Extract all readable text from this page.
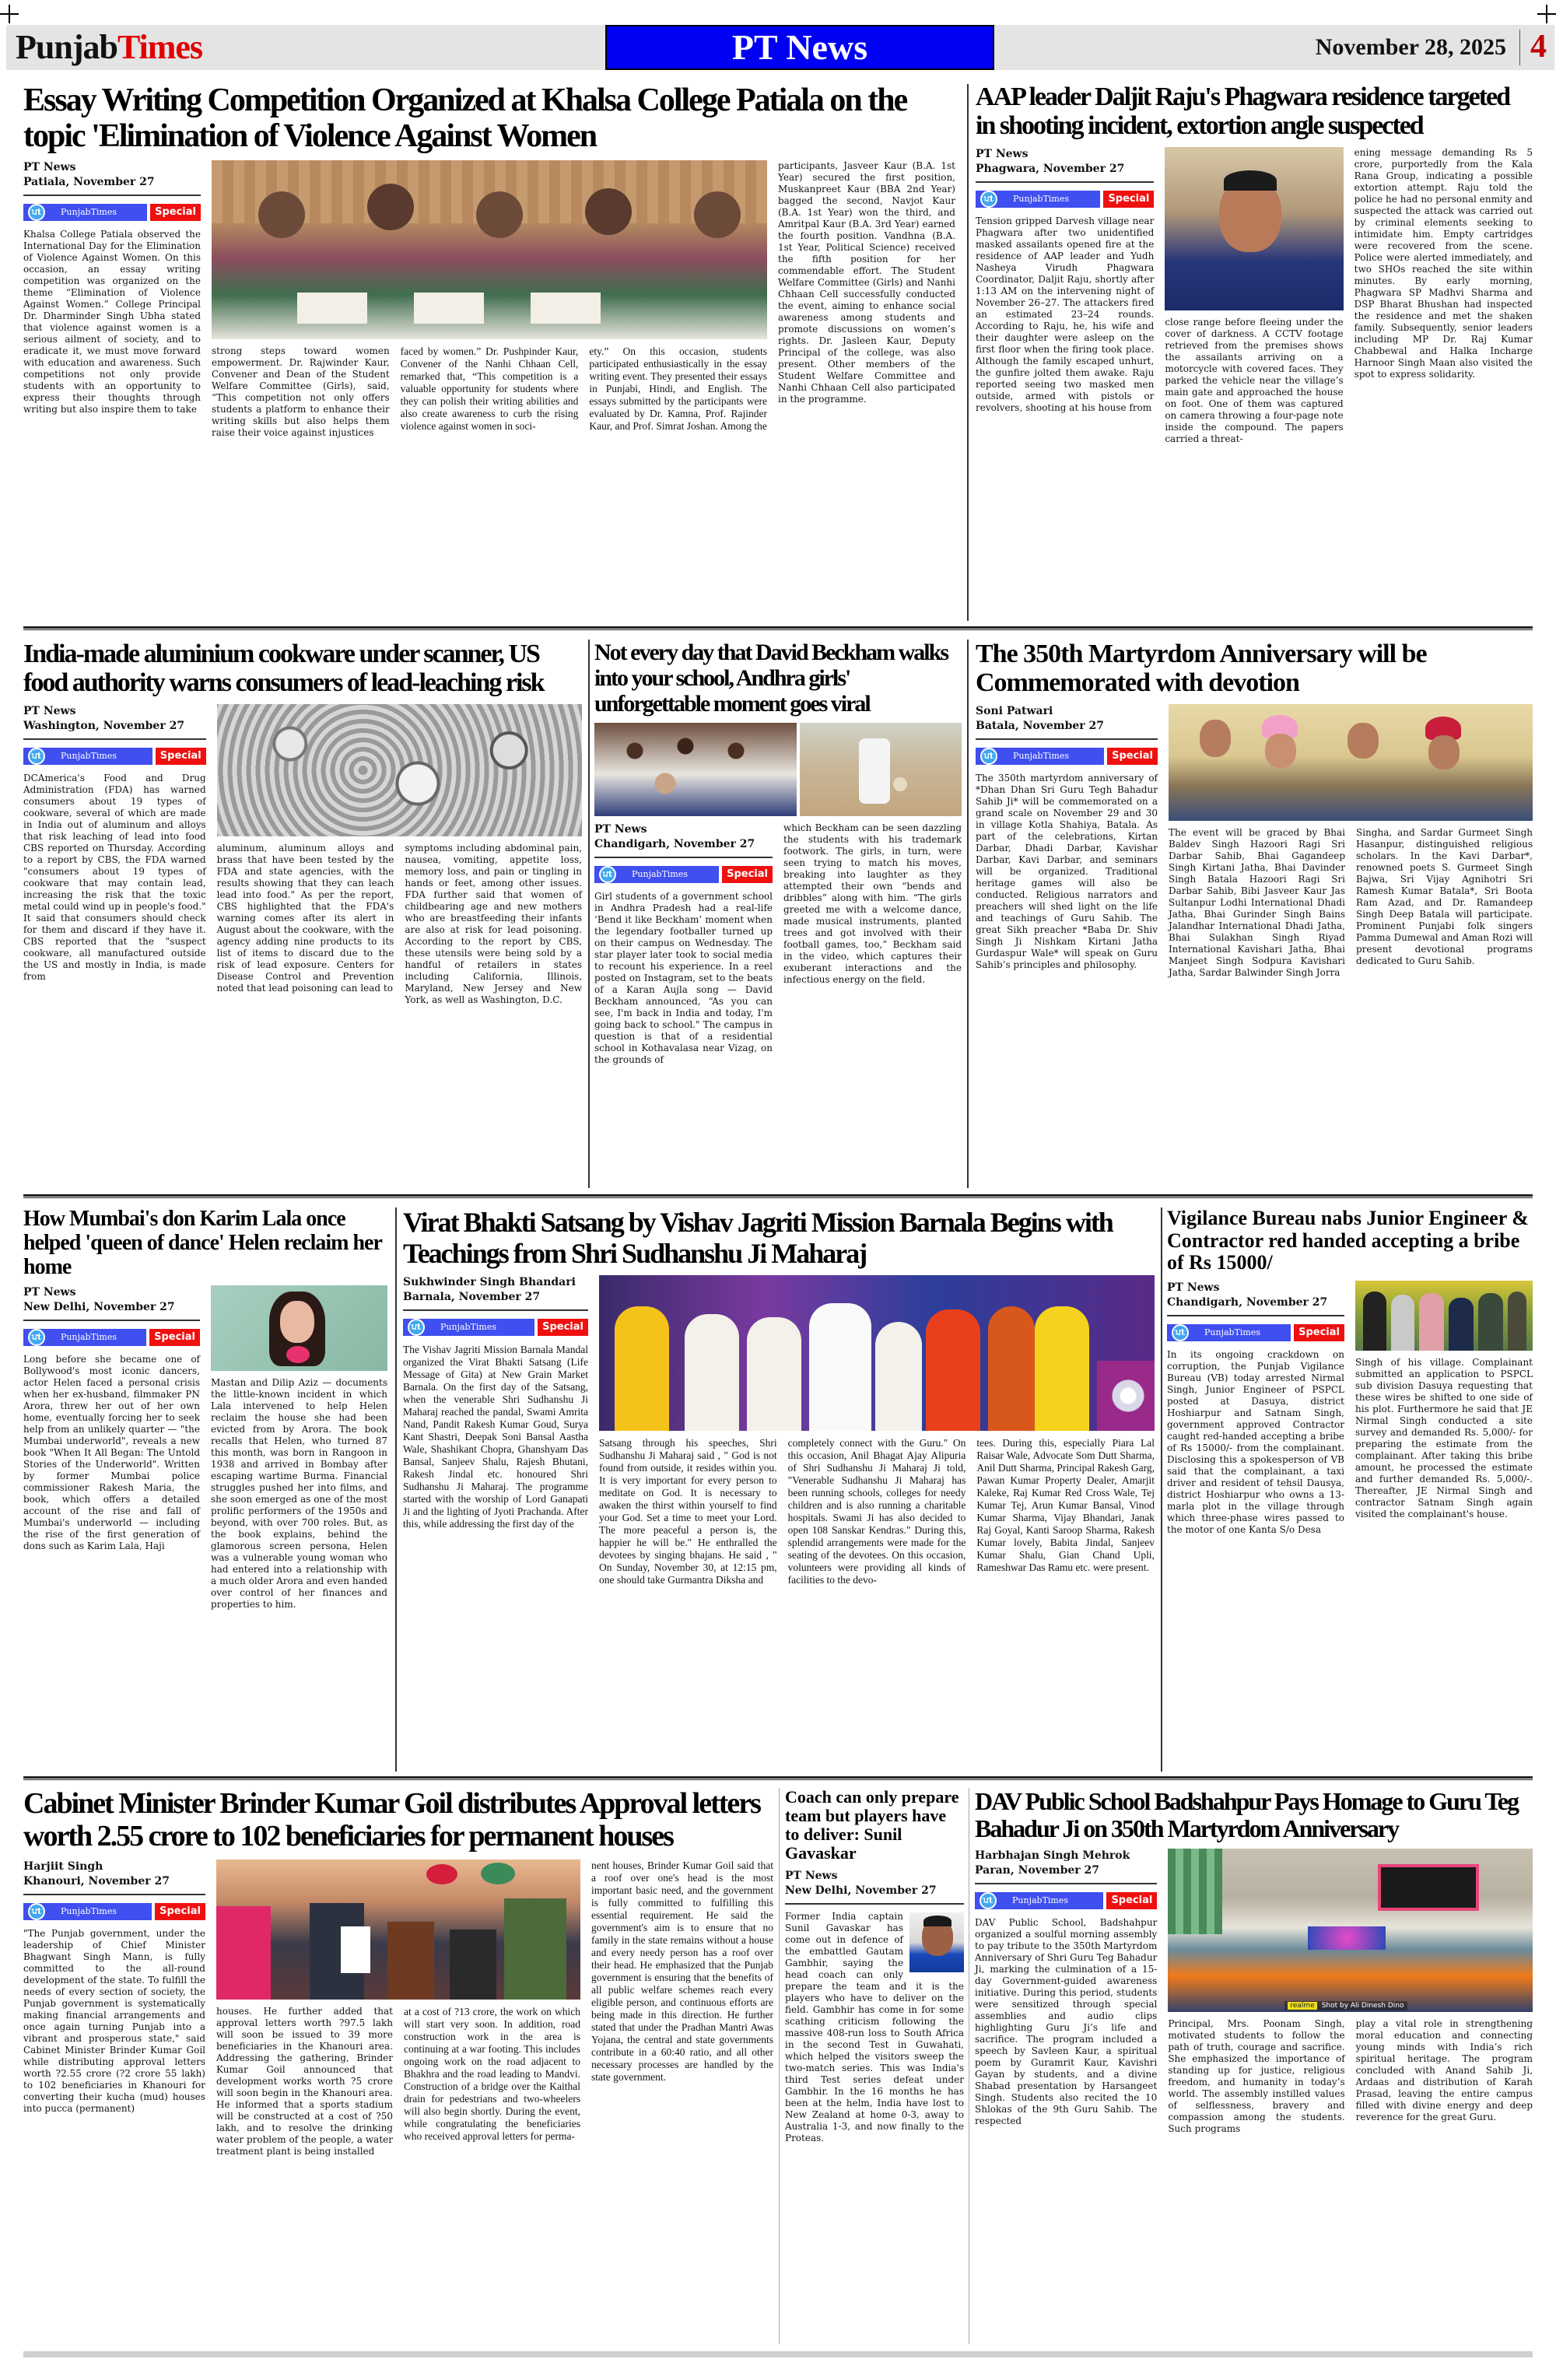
PunjabTimes	PT News	November 28, 2025 4
Essay Writing Competition Organized at Khalsa College Patiala on the topic 'Elimination of Violence Against Women
PT News
Patiala, November 27
ਪt	PunjabTimes	Special
Khalsa College Patiala observed the International Day for the Elimination of Violence Against Women. On this occasion, an essay writing competition was organized on the theme “Elimination of Violence Against Women.” College Principal Dr. Dharminder Singh Ubha stated that violence against women is a serious ailment of society, and to eradicate it, we must move forward with education and awareness. Such competitions not only provide students with an opportunity to express their thoughts through writing but also inspire them to take
strong steps toward women empowerment. Dr. Rajwinder Kaur, Convener and Dean of the Student Welfare Committee (Girls), said, “This competition not only offers students a platform to enhance their writing skills but also helps them raise their voice against injustices
faced by women.” Dr. Pushpinder Kaur, Convener of the Nanhi Chhaan Cell, remarked that, “This competition is a valuable opportunity for students where they can polish their writing abilities and also create awareness to curb the rising violence against women in soci-
ety.” On this occasion, students participated enthusiastically in the essay writing event. They presented their essays in Punjabi, Hindi, and English. The essays submitted by the participants were evaluated by Dr. Kamna, Prof. Rajinder Kaur, and Prof. Simrat Joshan. Among the
participants, Jasveer Kaur (B.A. 1st Year) secured the first position, Muskanpreet Kaur (BBA 2nd Year) bagged the second, Navjot Kaur (B.A. 1st Year) won the third, and Amritpal Kaur (B.A. 3rd Year) earned the fourth position. Vandhna (B.A. 1st Year, Political Science) received the fifth position for her commendable effort. The Student Welfare Committee (Girls) and Nanhi Chhaan Cell successfully conducted the event, aiming to enhance social awareness among students and promote discussions on women’s rights. Dr. Jasleen Kaur, Deputy Principal of the college, was also present. Other members of the Student Welfare Committee and Nanhi Chhaan Cell also participated in the programme.
AAP leader Daljit Raju's Phagwara residence targeted in shooting incident, extortion angle suspected
PT News
Phagwara, November 27
ਪt	PunjabTimes	Special
Tension gripped Darvesh village near Phagwara after two unidentified masked assailants opened fire at the residence of AAP leader and Yudh Nasheya Virudh Phagwara Coordinator, Daljit Raju, shortly after 1:13 AM on the intervening night of November 26–27. The attackers fired an estimated 23–24 rounds. According to Raju, he, his wife and their daughter were asleep on the first floor when the firing took place. Although the family escaped unhurt, the gunfire jolted them awake. Raju reported seeing two masked men outside, armed with pistols or revolvers, shooting at his house from
close range before fleeing under the cover of darkness. A CCTV footage retrieved from the premises shows the assailants arriving on a motorcycle with covered faces. They parked the vehicle near the village’s main gate and approached the house on foot. One of them was captured on camera throwing a four-page note inside the compound. The papers carried a threat-
ening message demanding Rs 5 crore, purportedly from the Kala Rana Group, indicating a possible extortion attempt. Raju told the police he had no personal enmity and suspected the attack was carried out by criminal elements seeking to intimidate him. Empty cartridges were recovered from the scene. Police were alerted immediately, and two SHOs reached the site within minutes. By early morning, Phagwara SP Madhvi Sharma and DSP Bharat Bhushan had inspected the residence and met the shaken family. Subsequently, senior leaders including MP Dr. Raj Kumar Chabbewal and Halka Incharge Harnoor Singh Maan also visited the spot to express solidarity.
India-made aluminium cookware under scanner, US food authority warns consumers of lead-leaching risk
PT News
Washington, November 27
ਪt	PunjabTimes	Special
DCAmerica's Food and Drug Administration (FDA) has warned consumers about 19 types of cookware, several of which are made in India out of aluminum and alloys that risk leaching of lead into food CBS reported on Thursday. According to a report by CBS, the FDA warned "consumers about 19 types of cookware that may contain lead, increasing the risk that the toxic metal could wind up in people's food." It said that consumers should check for them and discard if they have it. CBS reported that the "suspect cookware, all manufactured outside the US and mostly in India, is made from
aluminum, aluminum alloys and brass that have been tested by the FDA and state agencies, with the results showing that they can leach lead into food." As per the report, CBS highlighted that the FDA's warning comes after its alert in August about the cookware, with the agency adding nine products to its list of items to discard due to the risk of lead exposure. Centers for Disease Control and Prevention noted that lead poisoning can lead to
symptoms including abdominal pain, nausea, vomiting, appetite loss, memory loss, and pain or tingling in hands or feet, among other issues. FDA further said that women of childbearing age and new mothers who are breastfeeding their infants are also at risk for lead poisoning. According to the report by CBS, these utensils were being sold by a handful of retailers in states including California, Illinois, Maryland, New Jersey and New York, as well as Washington, D.C.
Not every day that David Beckham walks into your school, Andhra girls' unforgettable moment goes viral
PT News
Chandigarh, November 27
ਪt	PunjabTimes	Special
Girl students of a government school in Andhra Pradesh had a real-life ‘Bend it like Beckham’ moment when the legendary footballer turned up on their campus on Wednesday. The star player later took to social media to recount his experience. In a reel posted on Instagram, set to the beats of a Karan Aujla song — David Beckham announced, “As you can see, I'm back in India and today, I'm going back to school." The campus in question is that of a residential school in Kothavalasa near Vizag, on the grounds of
which Beckham can be seen dazzling the students with his trademark footwork. The girls, in turn, were seen trying to match his moves, breaking into laughter as they attempted their own “bends and dribbles” along with him. “The girls greeted me with a welcome dance, made musical instruments, planted trees and got involved with their football games, too,” Beckham said in the video, which captures their exuberant interactions and the infectious energy on the field.
The 350th Martyrdom Anniversary will be Commemorated with devotion
Soni Patwari
Batala, November 27
ਪt	PunjabTimes	Special
The 350th martyrdom anniversary of *Dhan Dhan Sri Guru Tegh Bahadur Sahib Ji* will be commemorated on a grand scale on November 29 and 30 in village Kotla Shahiya, Batala. As part of the celebrations, Kirtan Darbar, Dhadi Darbar, Kavishar Darbar, Kavi Darbar, and seminars will be organized. Traditional heritage games will also be conducted. Religious narrators and preachers will shed light on the life and teachings of Guru Sahib. The great Sikh preacher *Baba Dr. Shiv Singh Ji Nishkam Kirtani Jatha Gurdaspur Wale* will speak on Guru Sahib’s principles and philosophy.
The event will be graced by Bhai Baldev Singh Hazoori Ragi Sri Darbar Sahib, Bhai Gagandeep Singh Kirtani Jatha, Bhai Davinder Singh Batala Hazoori Ragi Sri Darbar Sahib, Bibi Jasveer Kaur Jas Sultanpur Lodhi International Dhadi Jatha, Bhai Gurinder Singh Bains Jalandhar International Dhadi Jatha, Bhai Sulakhan Singh Riyad International Kavishari Jatha, Bhai Manjeet Singh Sodpura Kavishari Jatha, Sardar Balwinder Singh Jorra
Singha, and Sardar Gurmeet Singh Hasanpur, distinguished religious scholars. In the Kavi Darbar*, renowned poets S. Gurmeet Singh Bajwa, Sri Vijay Agnihotri Sri Ramesh Kumar Batala*, Sri Boota Ram Azad, and Dr. Ramandeep Singh Deep Batala will participate. Prominent Punjabi folk singers Pamma Dumewal and Aman Rozi will present devotional programs dedicated to Guru Sahib.
How Mumbai's don Karim Lala once helped 'queen of dance' Helen reclaim her home
PT News
New Delhi, November 27
ਪt	PunjabTimes	Special
Long before she became one of Bollywood's most iconic dancers, actor Helen faced a personal crisis when her ex-husband, filmmaker PN Arora, threw her out of her own home, eventually forcing her to seek help from an unlikely quarter — "the Mumbai underworld", reveals a new book "When It All Began: The Untold Stories of the Underworld". Written by former Mumbai police commissioner Rakesh Maria, the book, which offers a detailed account of the rise and fall of Mumbai's underworld — including the rise of the first generation of dons such as Karim Lala, Haji
Mastan and Dilip Aziz — documents the little-known incident in which Lala intervened to help Helen reclaim the house she had been evicted from by Arora. The book recalls that Helen, who turned 87 this month, was born in Rangoon in 1938 and arrived in Bombay after escaping wartime Burma. Financial struggles pushed her into films, and she soon emerged as one of the most prolific performers of the 1950s and beyond, with over 700 roles. But, as the book explains, behind the glamorous screen persona, Helen was a vulnerable young woman who had entered into a relationship with a much older Arora and even handed over control of her finances and properties to him.
Virat Bhakti Satsang by Vishav Jagriti Mission Barnala Begins with Teachings from Shri Sudhanshu Ji Maharaj
Sukhwinder Singh Bhandari
Barnala, November 27
ਪt	PunjabTimes	Special
The Vishav Jagriti Mission Barnala Mandal organized the Virat Bhakti Satsang (Life Message of Gita) at New Grain Market Barnala. On the first day of the Satsang, when the venerable Shri Sudhanshu Ji Maharaj reached the pandal, Swami Amrita Nand, Pandit Rakesh Kumar Goud, Surya Kant Shastri, Deepak Soni Bansal Aastha Wale, Shashikant Chopra, Ghanshyam Das Bansal, Sanjeev Shalu, Rajesh Bhutani, Rakesh Jindal etc. honoured Shri Sudhanshu Ji Maharaj. The programme started with the worship of Lord Ganapati Ji and the lighting of Jyoti Prachanda. After this, while addressing the first day of the
Satsang through his speeches, Shri Sudhanshu Ji Maharaj said , " God is not found from outside, it resides within you. It is very important for every person to meditate on God. It is necessary to awaken the thirst within yourself to find your God. Set a time to meet your Lord. The more peaceful a person is, the happier he will be." He enthralled the devotees by singing bhajans. He said , " On Sunday, November 30, at 12:15 pm, one should take Gurmantra Diksha and
completely connect with the Guru." On this occasion, Anil Bhagat Ajay Alipuria of Shri Sudhanshu Ji Maharaj Ji told, "Venerable Sudhanshu Ji Maharaj has been running schools, colleges for needy children and is also running a charitable hospitals. Swami Ji has also decided to open 108 Sanskar Kendras." During this, splendid arrangements were made for the seating of the devotees. On this occasion, volunteers were providing all kinds of facilities to the devo-
tees. During this, especially Piara Lal Raisar Wale, Advocate Som Dutt Sharma, Anil Dutt Sharma, Principal Rakesh Garg, Pawan Kumar Property Dealer, Amarjit Kaleke, Raj Kumar Red Cross Wale, Tej Kumar Tej, Arun Kumar Bansal, Vinod Kumar Sharma, Vijay Bhandari, Janak Raj Goyal, Kanti Saroop Sharma, Rakesh Kumar lovely, Babita Jindal, Sanjeev Kumar Shalu, Gian Chand Upli, Rameshwar Das Ramu etc. were present.
Vigilance Bureau nabs Junior Engineer & Contractor red handed accepting a bribe of Rs 15000/
PT News
Chandigarh, November 27
ਪt	PunjabTimes	Special
In its ongoing crackdown on corruption, the Punjab Vigilance Bureau (VB) today arrested Nirmal Singh, Junior Engineer of PSPCL posted at Dasuya, district Hoshiarpur and Satnam Singh, government approved Contractor caught red-handed accepting a bribe of Rs 15000/- from the complainant. Disclosing this a spokesperson of VB said that the complainant, a taxi driver and resident of tehsil Dausya, district Hoshiarpur who owns a 13-marla plot in the village through which three-phase wires passed to the motor of one Kanta S/o Desa
Singh of his village. Complainant submitted an application to PSPCL sub division Dasuya requesting that these wires be shifted to one side of his plot. Furthermore he said that JE Nirmal Singh conducted a site survey and demanded Rs. 5,000/- for preparing the estimate from the complainant. After taking this bribe amount, he processed the estimate and further demanded Rs. 5,000/-. Thereafter, JE Nirmal Singh and contractor Satnam Singh again visited the complainant's house.
Cabinet Minister Brinder Kumar Goil distributes Approval letters worth 2.55 crore to 102 beneficiaries for permanent houses
Harjiit Singh
Khanouri, November 27
ਪt	PunjabTimes	Special
"The Punjab government, under the leadership of Chief Minister Bhagwant Singh Mann, is fully committed to the all-round development of the state. To fulfill the needs of every section of society, the Punjab government is systematically making financial arrangements and once again turning Punjab into a vibrant and prosperous state," said Cabinet Minister Brinder Kumar Goil while distributing approval letters worth ?2.55 crore (?2 crore 55 lakh) to 102 beneficiaries in Khanouri for converting their kucha (mud) houses into pucca (permanent)
houses. He further added that approval letters worth ?97.5 lakh will soon be issued to 39 more beneficiaries in the Khanouri area. Addressing the gathering, Brinder Kumar Goil announced that development works worth ?5 crore will soon begin in the Khanouri area. He informed that a sports stadium will be constructed at a cost of ?50 lakh, and to resolve the drinking water problem of the people, a water treatment plant is being installed
at a cost of ?13 crore, the work on which will start very soon. In addition, road construction work in the area is continuing at a war footing. This includes ongoing work on the road adjacent to Bhakhra and the road leading to Mandvi. Construction of a bridge over the Kaithal drain for pedestrians and two-wheelers will also begin shortly. During the event, while congratulating the beneficiaries who received approval letters for perma-
nent houses, Brinder Kumar Goil said that a roof over one's head is the most important basic need, and the government is fully committed to fulfilling this essential requirement. He said the government's aim is to ensure that no family in the state remains without a house and every needy person has a roof over their head. He emphasized that the Punjab government is ensuring that the benefits of all public welfare schemes reach every eligible person, and continuous efforts are being made in this direction. He further stated that under the Pradhan Mantri Awas Yojana, the central and state governments contribute in a 60:40 ratio, and all other necessary processes are handled by the state government.
Coach can only prepare team but players have to deliver: Sunil Gavaskar
PT News
New Delhi, November 27
Former India captain Sunil Gavaskar has come out in defence of the embattled Gautam Gambhir, saying the head coach can only prepare the team and it is the players who have to deliver on the field. Gambhir has come in for some scathing criticism following the massive 408-run loss to South Africa in the second Test in Guwahati, which helped the visitors sweep the two-match series. This was India's third Test series defeat under Gambhir. In the 16 months he has been at the helm, India have lost to New Zealand at home 0-3, away to Australia 1-3, and now finally to the Proteas.
DAV Public School Badshahpur Pays Homage to Guru Teg Bahadur Ji on 350th Martyrdom Anniversary
Harbhajan Singh Mehrok
Paran, November 27
ਪt	PunjabTimes	Special
DAV Public School, Badshahpur organized a soulful morning assembly to pay tribute to the 350th Martyrdom Anniversary of Shri Guru Teg Bahadur Ji, marking the culmination of a 15-day Government-guided awareness initiative. During this period, students were sensitized through special assemblies and audio clips highlighting Guru Ji’s life and sacrifice. The program included a speech by Savleen Kaur, a spiritual poem by Guramrit Kaur, Kavishri Gayan by students, and a divine Shabad presentation by Harsangeet Singh. Students also recited the 10 Shlokas of the 9th Guru Sahib. The respected
realme	Shot by Ali Dinesh Dino
Principal, Mrs. Poonam Singh, motivated students to follow the path of truth, courage and sacrifice. She emphasized the importance of standing up for justice, religious freedom, and humanity in today’s world. The assembly instilled values of selflessness, bravery and compassion among the students. Such programs
play a vital role in strengthening moral education and connecting young minds with India’s rich spiritual heritage. The program concluded with Anand Sahib Ji, Ardaas and distribution of Karah Prasad, leaving the entire campus filled with divine energy and deep reverence for the great Guru.
